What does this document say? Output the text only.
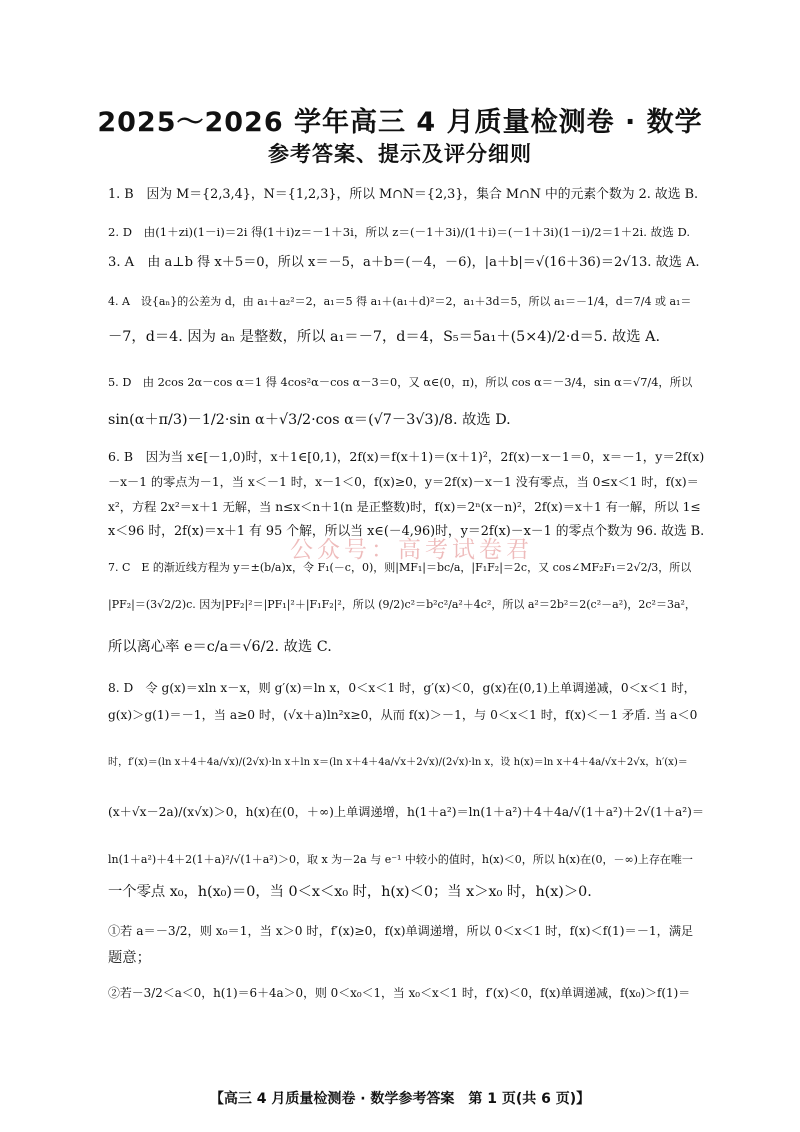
2025～2026 学年高三 4 月质量检测卷 · 数学
参考答案、提示及评分细则
公众号：高考试卷君
1. B　因为 M＝{2,3,4}，N＝{1,2,3}，所以 M∩N＝{2,3}，集合 M∩N 中的元素个数为 2. 故选 B.
2. D　由(1＋zi)(1－i)＝2i 得(1＋i)z＝－1＋3i，所以 z＝(－1＋3i)/(1＋i)＝(－1＋3i)(1－i)/2＝1＋2i. 故选 D.
3. A　由 a⊥b 得 x＋5＝0，所以 x＝－5，a＋b＝(－4，－6)，|a＋b|＝√(16＋36)＝2√13. 故选 A.
4. A　设{aₙ}的公差为 d，由 a₁＋a₂²＝2，a₁＝5 得 a₁＋(a₁＋d)²＝2，a₁＋3d＝5，所以 a₁＝－1/4，d＝7/4 或 a₁＝
－7，d＝4. 因为 aₙ 是整数，所以 a₁＝－7，d＝4，S₅＝5a₁＋(5×4)/2·d＝5. 故选 A.
5. D　由 2cos 2α－cos α＝1 得 4cos²α－cos α－3＝0，又 α∈(0，π)，所以 cos α＝－3/4，sin α＝√7/4，所以
sin(α＋π/3)－1/2·sin α＋√3/2·cos α＝(√7－3√3)/8. 故选 D.
6. B　因为当 x∈[－1,0)时，x＋1∈[0,1)，2f(x)＝f(x＋1)＝(x＋1)²，2f(x)－x－1＝0，x＝－1，y＝2f(x)
－x－1 的零点为－1，当 x＜－1 时，x－1＜0，f(x)≥0，y＝2f(x)－x－1 没有零点，当 0≤x＜1 时，f(x)＝
x²，方程 2x²＝x＋1 无解，当 n≤x＜n＋1(n 是正整数)时，f(x)＝2ⁿ(x－n)²，2f(x)＝x＋1 有一解，所以 1≤
x＜96 时，2f(x)＝x＋1 有 95 个解，所以当 x∈(－4,96)时，y＝2f(x)－x－1 的零点个数为 96. 故选 B.
7. C　E 的渐近线方程为 y＝±(b/a)x，令 F₁(－c，0)，则|MF₁|＝bc/a，|F₁F₂|＝2c，又 cos∠MF₂F₁＝2√2/3，所以
|PF₂|＝(3√2/2)c. 因为|PF₂|²＝|PF₁|²＋|F₁F₂|²，所以 (9/2)c²＝b²c²/a²＋4c²，所以 a²＝2b²＝2(c²－a²)，2c²＝3a²，
所以离心率 e＝c/a＝√6/2. 故选 C.
8. D　令 g(x)＝xln x－x，则 g′(x)＝ln x，0＜x＜1 时，g′(x)＜0，g(x)在(0,1)上单调递减，0＜x＜1 时，
g(x)＞g(1)＝－1，当 a≥0 时，(√x＋a)ln²x≥0，从而 f(x)＞－1，与 0＜x＜1 时，f(x)＜－1 矛盾. 当 a＜0
时，f′(x)＝(ln x＋4＋4a/√x)/(2√x)·ln x＋ln x＝(ln x＋4＋4a/√x＋2√x)/(2√x)·ln x，设 h(x)＝ln x＋4＋4a/√x＋2√x，h′(x)＝
(x＋√x－2a)/(x√x)＞0，h(x)在(0，＋∞)上单调递增，h(1＋a²)＝ln(1＋a²)＋4＋4a/√(1＋a²)＋2√(1＋a²)＝
ln(1＋a²)＋4＋2(1＋a)²/√(1＋a²)＞0，取 x 为－2a 与 e⁻¹ 中较小的值时，h(x)＜0，所以 h(x)在(0，－∞)上存在唯一
一个零点 x₀，h(x₀)＝0，当 0＜x＜x₀ 时，h(x)＜0；当 x＞x₀ 时，h(x)＞0.
①若 a＝－3/2，则 x₀＝1，当 x＞0 时，f′(x)≥0，f(x)单调递增，所以 0＜x＜1 时，f(x)＜f(1)＝－1，满足
题意；
②若－3/2＜a＜0，h(1)＝6＋4a＞0，则 0＜x₀＜1，当 x₀＜x＜1 时，f′(x)＜0，f(x)单调递减，f(x₀)＞f(1)＝
【高三 4 月质量检测卷 · 数学参考答案　第 1 页(共 6 页)】
